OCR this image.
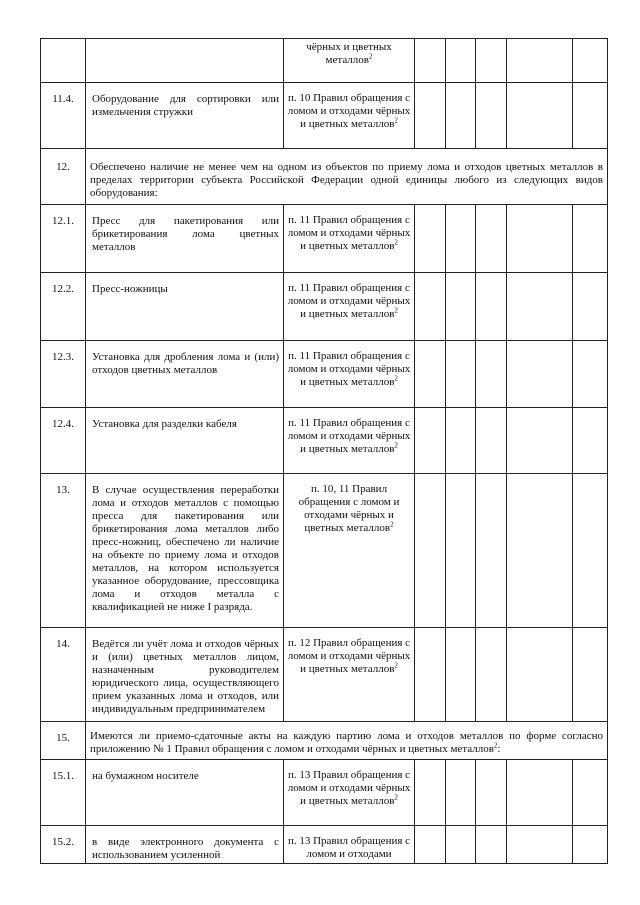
		чёрных и цветных металлов$^2$					
11.4.	Оборудование для сортировки или измельчения стружки	п. 10 Правил обращения с ломом и отходами чёрных и цветных металлов$^2$					
12.	Обеспечено наличие не менее чем на одном из объектов по приему лома и отходов цветных металлов в пределах территории субъекта Российской Федерации одной единицы любого из следующих видов оборудования:						
12.1.	Пресс для пакетирования или брикетирования лома цветных металлов	п. 11 Правил обращения с ломом и отходами чёрных и цветных металлов$^2$					
12.2.	Пресс-ножницы	п. 11 Правил обращения с ломом и отходами чёрных и цветных металлов$^2$					
12.3.	Установка для дробления лома и (или) отходов цветных металлов	п. 11 Правил обращения с ломом и отходами чёрных и цветных металлов$^2$					
12.4.	Установка для разделки кабеля	п. 11 Правил обращения с ломом и отходами чёрных и цветных металлов$^2$					
13.	В случае осуществления переработки лома и отходов металлов с помощью пресса для пакетирования или брикетирования лома металлов либо пресс-ножниц, обеспечено ли наличие на объекте по приему лома и отходов металлов, на котором используется указанное оборудование, прессовщика лома и отходов металла с квалификацией не ниже I разряда.	п. 10, 11 Правил обращения с ломом и отходами чёрных и цветных металлов$^2$					
14.	Ведётся ли учёт лома и отходов чёрных и (или) цветных металлов лицом, назначенным руководителем юридического лица, осуществляющего прием указанных лома и отходов, или индивидуальным предпринимателем	п. 12 Правил обращения с ломом и отходами чёрных и цветных металлов$^2$					
15.	Имеются ли приемо-сдаточные акты на каждую партию лома и отходов металлов по форме согласно приложению № 1 Правил обращения с ломом и отходами чёрных и цветных металлов$^2$:						
15.1.	на бумажном носителе	п. 13 Правил обращения с ломом и отходами чёрных и цветных металлов$^2$					
15.2.	в виде электронного документа с использованием усиленной	п. 13 Правил обращения с ломом и отходами					
